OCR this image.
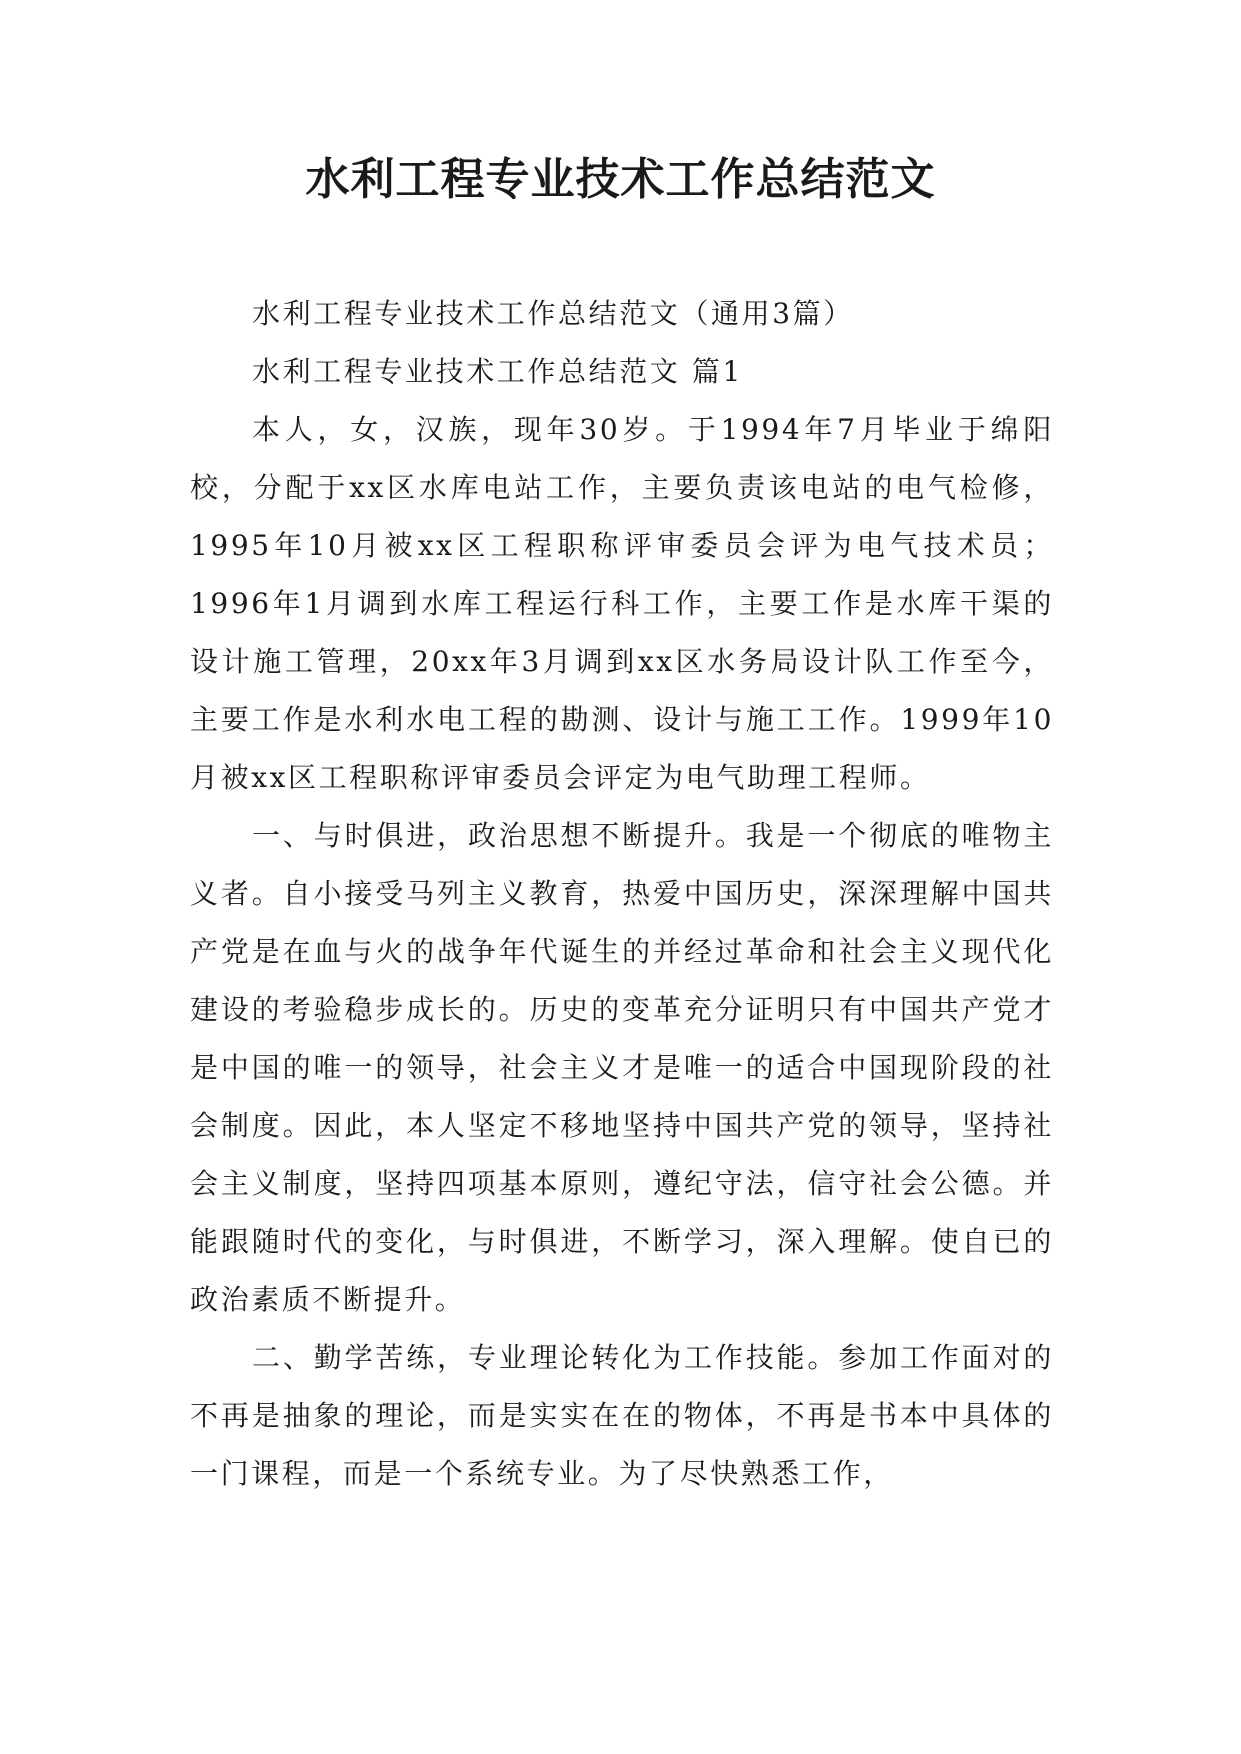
水利工程专业技术工作总结范文

水利工程专业技术工作总结范文（通用3篇）

水利工程专业技术工作总结范文 篇1

本人，女，汉族，现年30岁。于1994年7月毕业于绵阳校，分配于xx区水库电站工作，主要负责该电站的电气检修，1995年10月被xx区工程职称评审委员会评为电气技术员；1996年1月调到水库工程运行科工作，主要工作是水库干渠的设计施工管理，20xx年3月调到xx区水务局设计队工作至今，主要工作是水利水电工程的勘测、设计与施工工作。1999年10月被xx区工程职称评审委员会评定为电气助理工程师。

一、与时俱进，政治思想不断提升。我是一个彻底的唯物主义者。自小接受马列主义教育，热爱中国历史，深深理解中国共产党是在血与火的战争年代诞生的并经过革命和社会主义现代化建设的考验稳步成长的。历史的变革充分证明只有中国共产党才是中国的唯一的领导，社会主义才是唯一的适合中国现阶段的社会制度。因此，本人坚定不移地坚持中国共产党的领导，坚持社会主义制度，坚持四项基本原则，遵纪守法，信守社会公德。并能跟随时代的变化，与时俱进，不断学习，深入理解。使自已的政治素质不断提升。

二、勤学苦练，专业理论转化为工作技能。参加工作面对的不再是抽象的理论，而是实实在在的物体，不再是书本中具体的一门课程，而是一个系统专业。为了尽快熟悉工作，
